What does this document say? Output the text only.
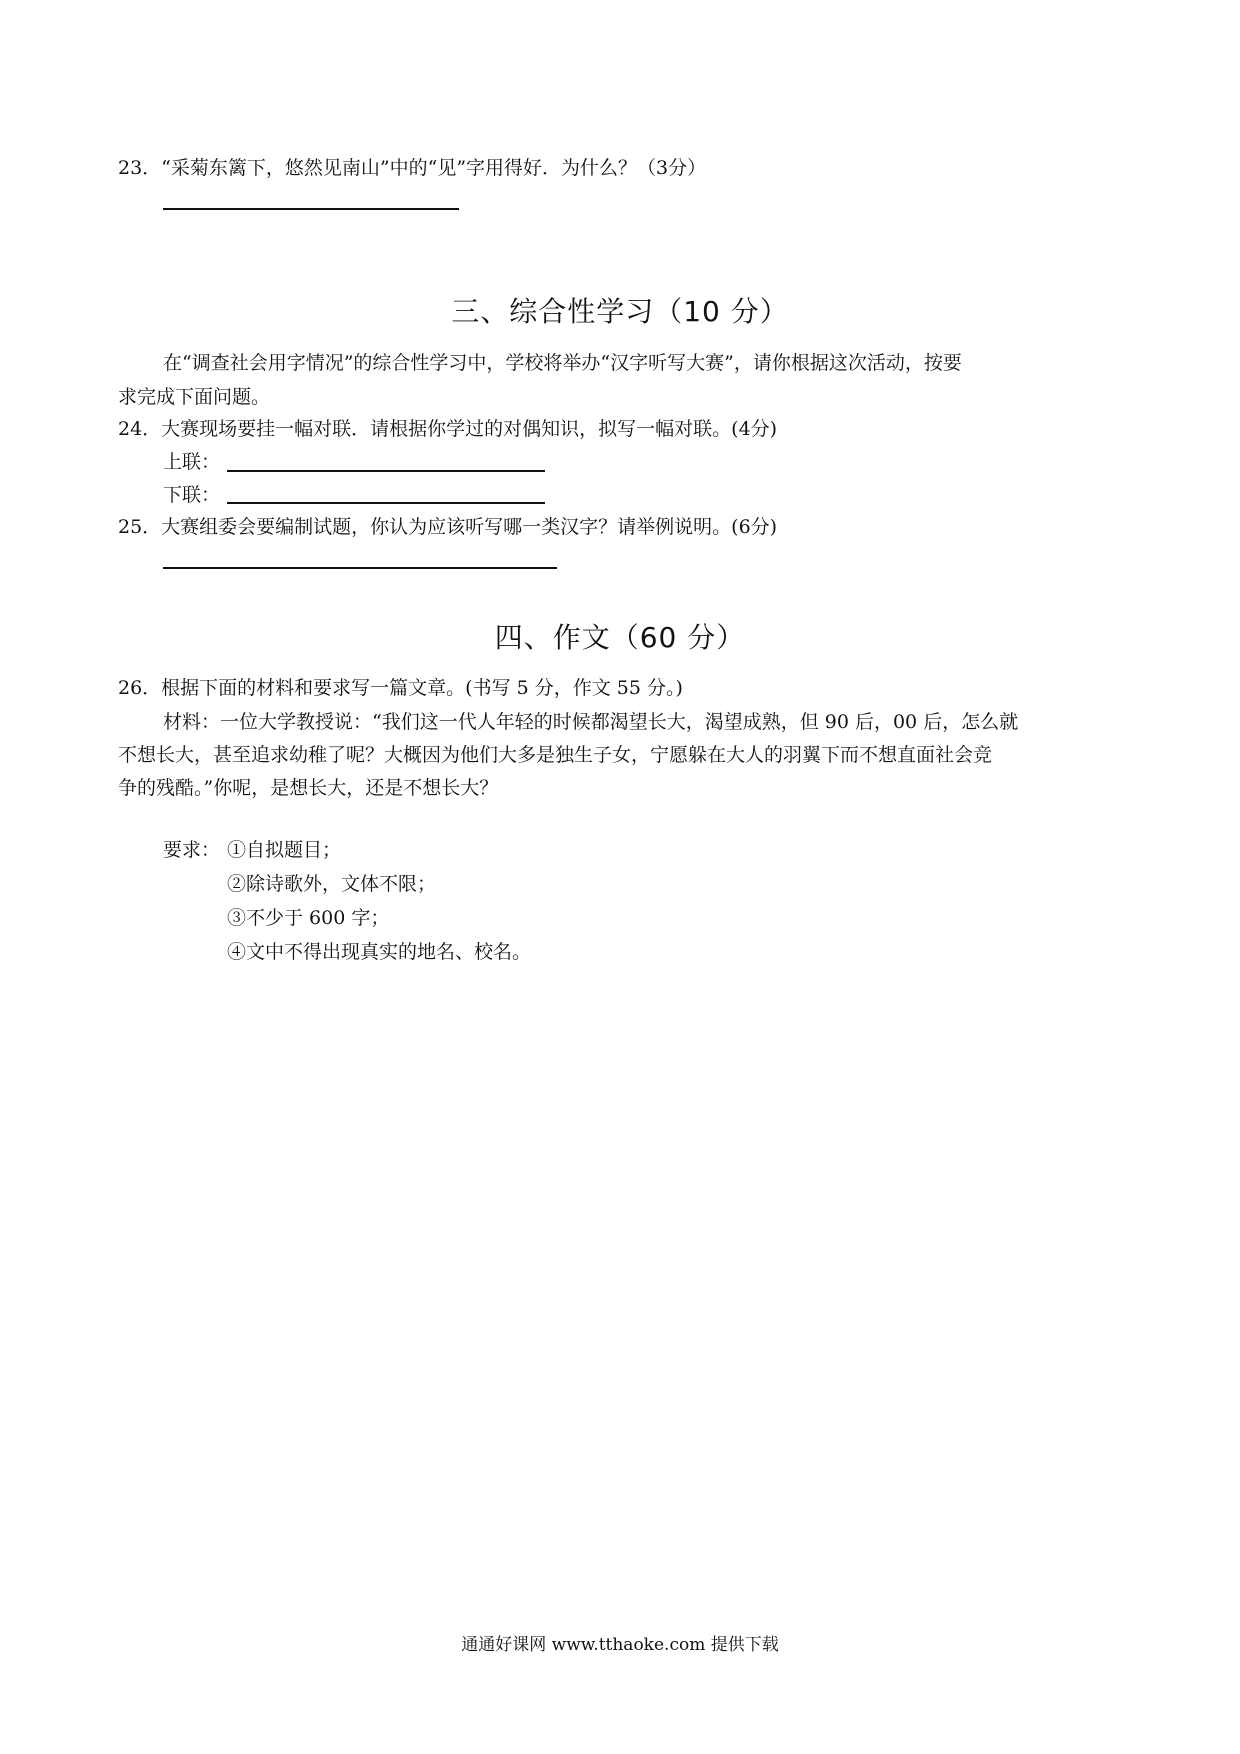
23．“采菊东篱下，悠然见南山”中的“见”字用得好．为什么？（3分）
三、综合性学习（10 分）
在“调查社会用字情况”的综合性学习中，学校将举办“汉字听写大赛”，请你根据这次活动，按要
求完成下面问题。
24．大赛现场要挂一幅对联．请根据你学过的对偶知识，拟写一幅对联。(4分)
上联：
下联：
25．大赛组委会要编制试题，你认为应该听写哪一类汉字？请举例说明。(6分)
四、作文（60 分）
26．根据下面的材料和要求写一篇文章。(书写 5 分，作文 55 分。)
材料：一位大学教授说：“我们这一代人年轻的时候都渴望长大，渴望成熟，但 90 后，00 后，怎么就
不想长大，甚至追求幼稚了呢？大概因为他们大多是独生子女，宁愿躲在大人的羽翼下而不想直面社会竞
争的残酷。”你呢，是想长大，还是不想长大？
要求： ①自拟题目；
②除诗歌外，文体不限；
③不少于 600 字；
④文中不得出现真实的地名、校名。
通通好课网 www.tthaoke.com 提供下载
